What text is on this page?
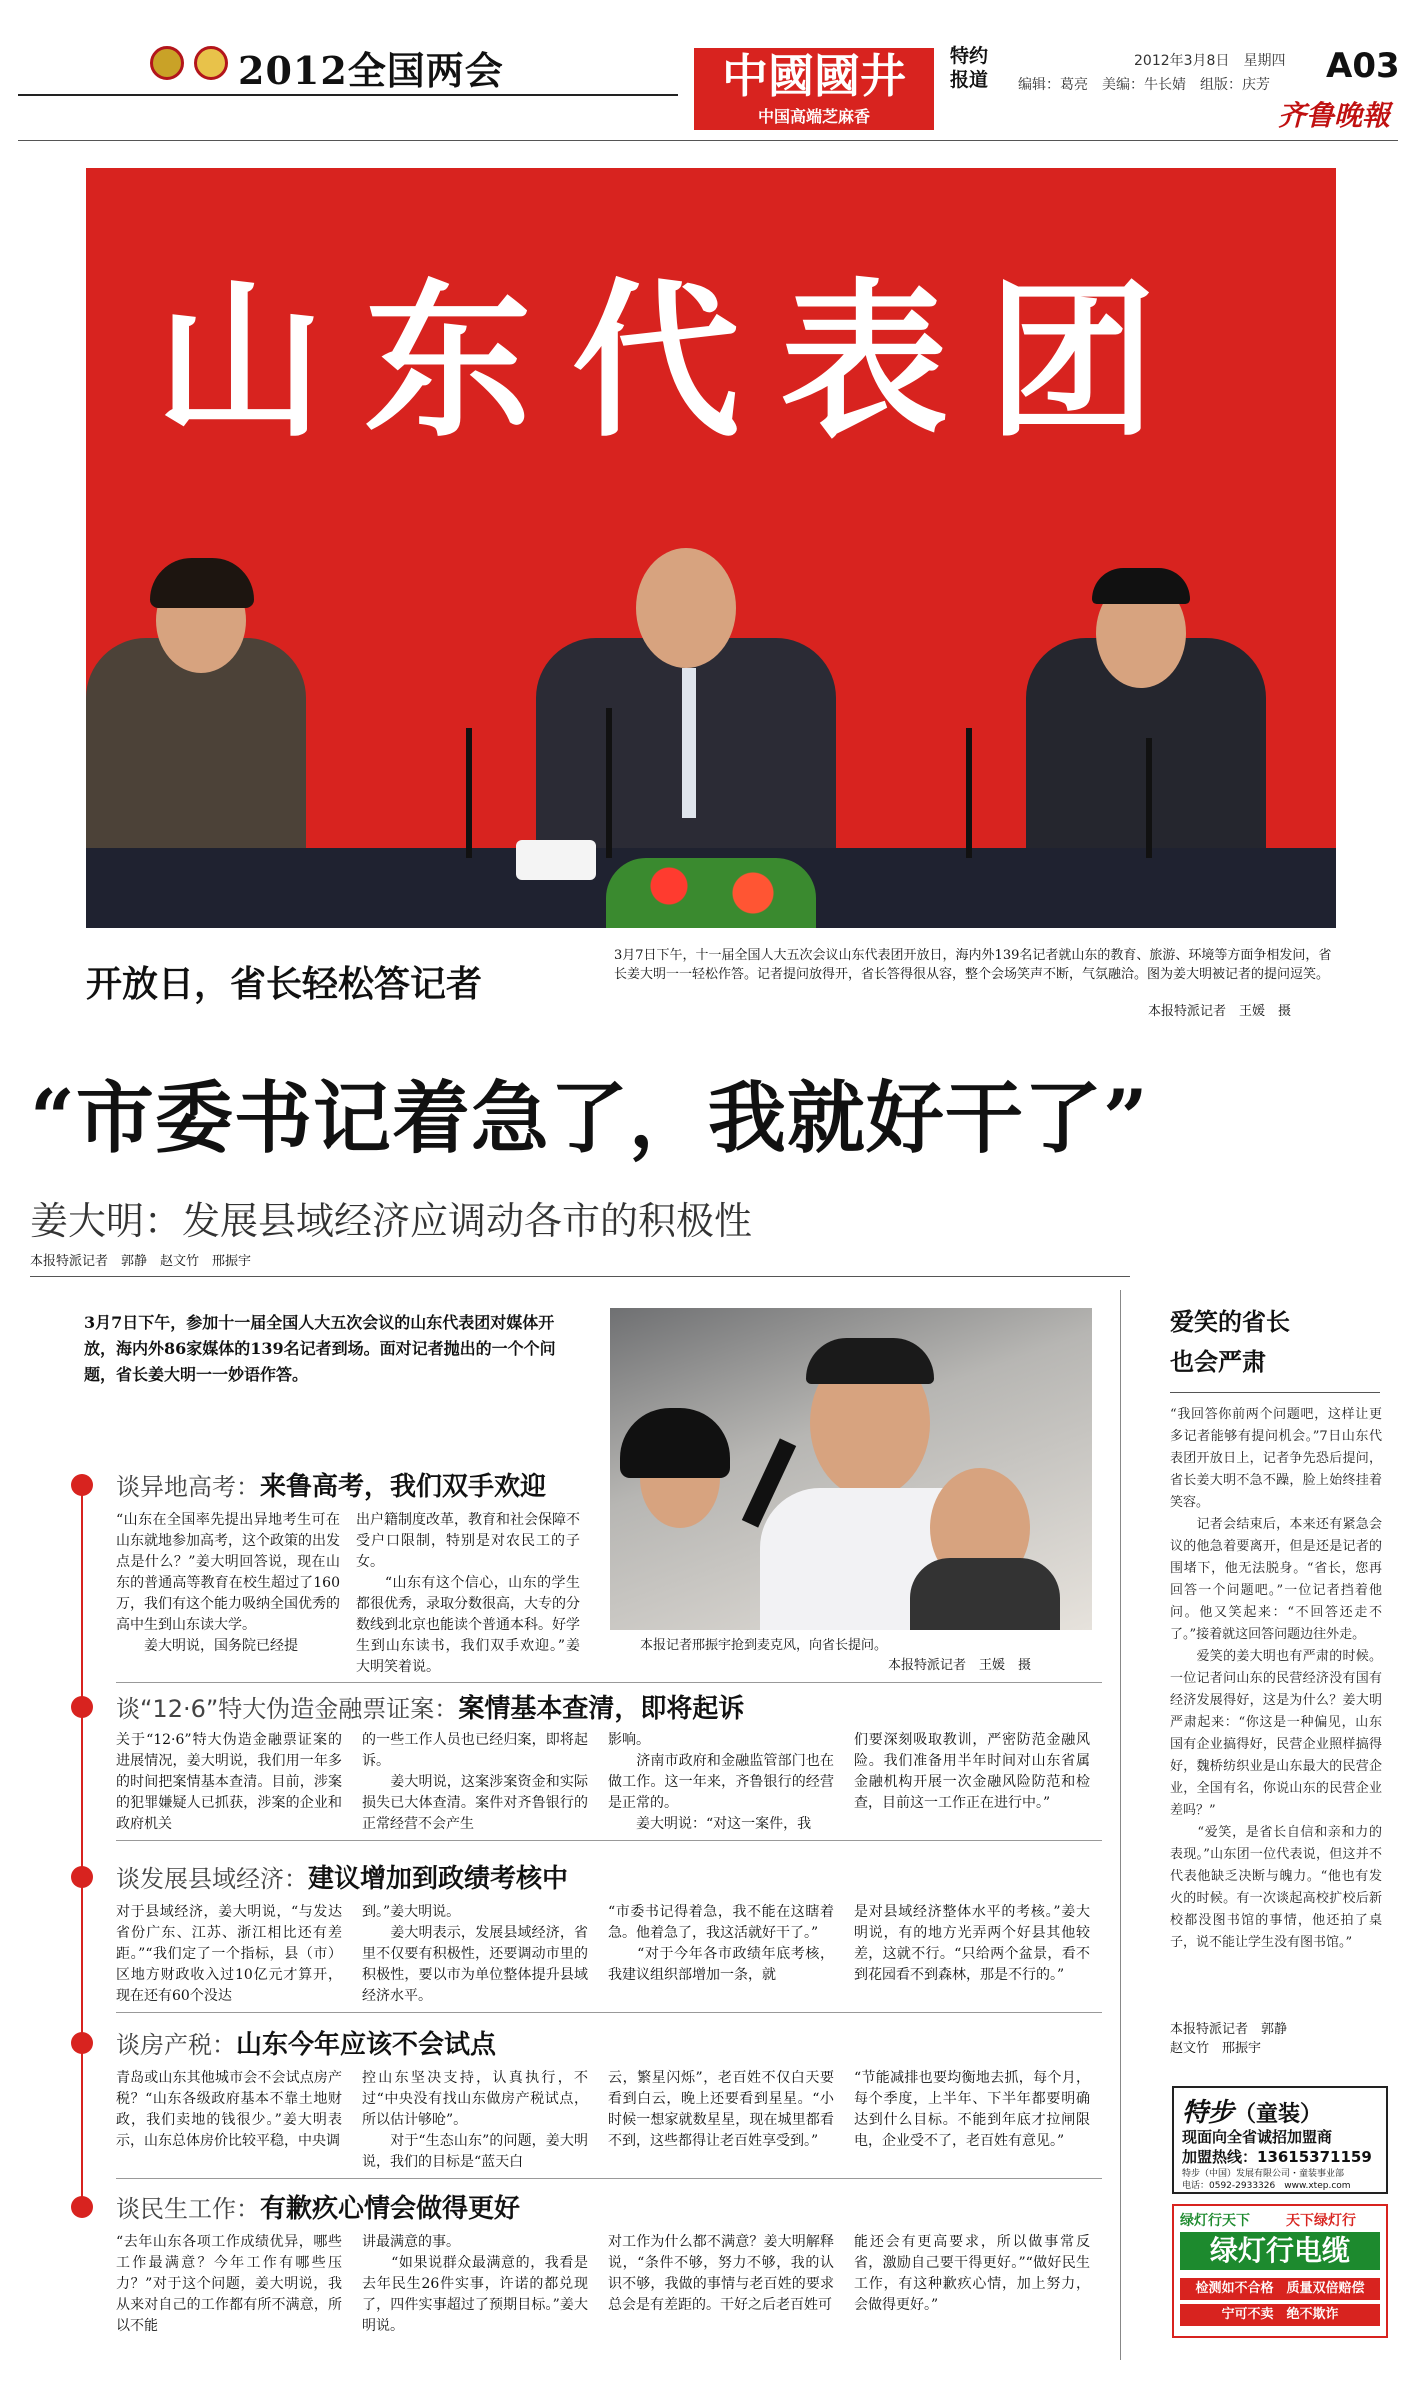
2012全国两会	中國國井
中国高端芝麻香
特约
报道
2012年3月8日　星期四
编辑：葛亮　美编：牛长婧　组版：庆芳 A03
齐鲁晚報
山东代表团
开放日，省长轻松答记者
3月7日下午，十一届全国人大五次会议山东代表团开放日，海内外139名记者就山东的教育、旅游、环境等方面争相发问，省长姜大明一一轻松作答。记者提问放得开，省长答得很从容，整个会场笑声不断，气氛融洽。图为姜大明被记者的提问逗笑。
本报特派记者　王媛　摄
“市委书记着急了，我就好干了”
姜大明：发展县域经济应调动各市的积极性
本报特派记者　郭静　赵文竹　邢振宇
3月7日下午，参加十一届全国人大五次会议的山东代表团对媒体开放，海内外86家媒体的139名记者到场。面对记者抛出的一个个问题，省长姜大明一一妙语作答。
本报记者邢振宇抢到麦克风，向省长提问。
本报特派记者　王媛　摄
谈异地高考：来鲁高考，我们双手欢迎
“山东在全国率先提出异地考生可在山东就地参加高考，这个政策的出发点是什么？”姜大明回答说，现在山东的普通高等教育在校生超过了160万，我们有这个能力吸纳全国优秀的高中生到山东读大学。
　　姜大明说，国务院已经提
出户籍制度改革，教育和社会保障不受户口限制，特别是对农民工的子女。
　　“山东有这个信心，山东的学生都很优秀，录取分数很高，大专的分数线到北京也能读个普通本科。好学生到山东读书，我们双手欢迎。”姜大明笑着说。
谈“12·6”特大伪造金融票证案：案情基本查清，即将起诉
关于“12·6”特大伪造金融票证案的进展情况，姜大明说，我们用一年多的时间把案情基本查清。目前，涉案的犯罪嫌疑人已抓获，涉案的企业和政府机关
的一些工作人员也已经归案，即将起诉。
　　姜大明说，这案涉案资金和实际损失已大体查清。案件对齐鲁银行的正常经营不会产生
影响。
　　济南市政府和金融监管部门也在做工作。这一年来，齐鲁银行的经营是正常的。
　　姜大明说：“对这一案件，我
们要深刻吸取教训，严密防范金融风险。我们准备用半年时间对山东省属金融机构开展一次金融风险防范和检查，目前这一工作正在进行中。”
谈发展县域经济：建议增加到政绩考核中
对于县域经济，姜大明说，“与发达省份广东、江苏、浙江相比还有差距。”“我们定了一个指标，县（市）区地方财政收入过10亿元才算开，现在还有60个没达
到。”姜大明说。
　　姜大明表示，发展县域经济，省里不仅要有积极性，还要调动市里的积极性，要以市为单位整体提升县域经济水平。
“市委书记得着急，我不能在这瞎着急。他着急了，我这活就好干了。”
　　“对于今年各市政绩年底考核，我建议组织部增加一条，就
是对县域经济整体水平的考核。”姜大明说，有的地方光弄两个好县其他较差，这就不行。“只给两个盆景，看不到花园看不到森林，那是不行的。”
谈房产税：山东今年应该不会试点
青岛或山东其他城市会不会试点房产税？“山东各级政府基本不靠土地财政，我们卖地的钱很少。”姜大明表示，山东总体房价比较平稳，中央调
控山东坚决支持，认真执行，不过“中央没有找山东做房产税试点，所以估计够呛”。
　　对于“生态山东”的问题，姜大明说，我们的目标是“蓝天白
云，繁星闪烁”，老百姓不仅白天要看到白云，晚上还要看到星星。“小时候一想家就数星星，现在城里都看不到，这些都得让老百姓享受到。”
“节能减排也要均衡地去抓，每个月，每个季度，上半年、下半年都要明确达到什么目标。不能到年底才拉闸限电，企业受不了，老百姓有意见。”
谈民生工作：有歉疚心情会做得更好
“去年山东各项工作成绩优异，哪些工作最满意？今年工作有哪些压力？”对于这个问题，姜大明说，我从来对自己的工作都有所不满意，所以不能
讲最满意的事。
　　“如果说群众最满意的，我看是去年民生26件实事，许诺的都兑现了，四件实事超过了预期目标。”姜大明说。
对工作为什么都不满意？姜大明解释说，“条件不够，努力不够，我的认识不够，我做的事情与老百姓的要求总会是有差距的。干好之后老百姓可
能还会有更高要求，所以做事常反省，激励自己要干得更好。”“做好民生工作，有这种歉疚心情，加上努力，会做得更好。”
爱笑的省长
也会严肃
“我回答你前两个问题吧，这样让更多记者能够有提问机会。”7日山东代表团开放日上，记者争先恐后提问，省长姜大明不急不躁，脸上始终挂着笑容。
　　记者会结束后，本来还有紧急会议的他急着要离开，但是还是记者的围堵下，他无法脱身。“省长，您再回答一个问题吧。”一位记者挡着他问。他又笑起来：“不回答还走不了。”接着就这回答问题边往外走。
　　爱笑的姜大明也有严肃的时候。一位记者问山东的民营经济没有国有经济发展得好，这是为什么？姜大明严肃起来：“你这是一种偏见，山东国有企业搞得好，民营企业照样搞得好，魏桥纺织业是山东最大的民营企业，全国有名，你说山东的民营企业差吗？”
　　“爱笑，是省长自信和亲和力的表现。”山东团一位代表说，但这并不代表他缺乏决断与魄力。“他也有发火的时候。有一次谈起高校扩校后新校都没图书馆的事情，他还拍了桌子，说不能让学生没有图书馆。”
本报特派记者　郭静
赵文竹　邢振宇
特步（童装）
现面向全省诚招加盟商
加盟热线：13615371159
特步（中国）发展有限公司・童装事业部
电话：0592-2933326　www.xtep.com
绿灯行天下	天下绿灯行
绿灯行电缆
检测如不合格　质量双倍赔偿
宁可不卖　绝不欺诈
